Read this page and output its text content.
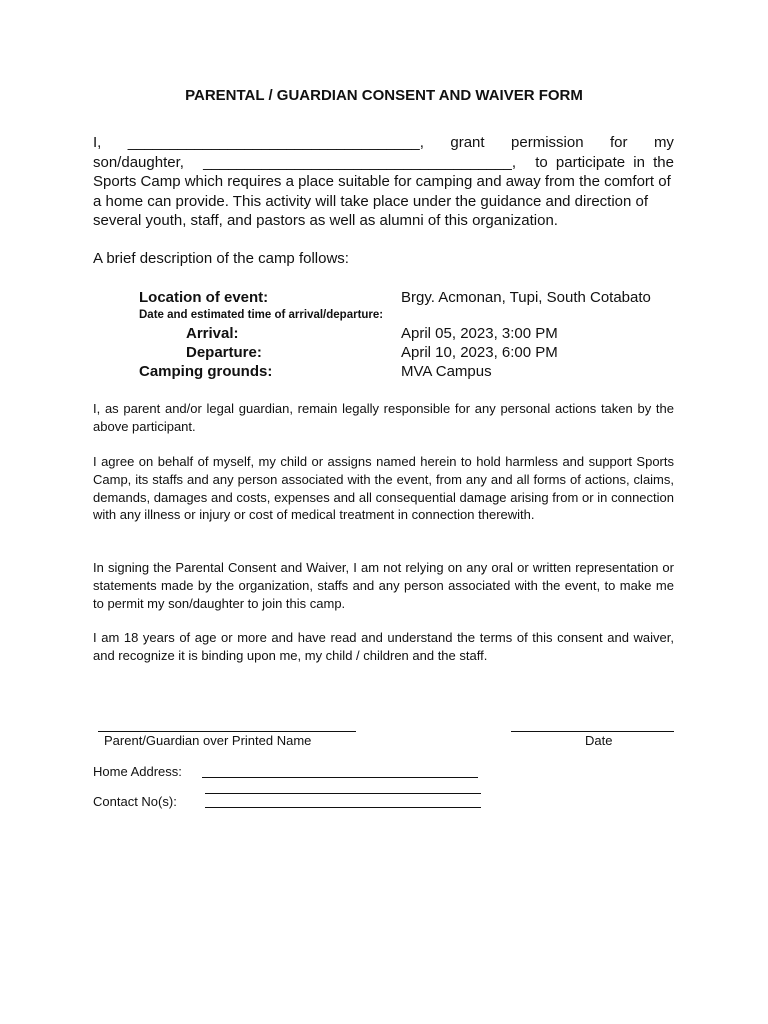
PARENTAL / GUARDIAN CONSENT AND WAIVER FORM
I, ___________________________________, grant permission for my
son/daughter, _____________________________________, to participate in the
Sports Camp which requires a place suitable for camping and away from the comfort of a home can provide. This activity will take place under the guidance and direction of several youth, staff, and pastors as well as alumni of this organization.
A brief description of the camp follows:
Location of event:	Brgy. Acmonan, Tupi, South Cotabato
Date and estimated time of arrival/departure:
Arrival:	April 05, 2023, 3:00 PM
Departure:	April 10, 2023, 6:00 PM
Camping grounds:	MVA Campus
I, as parent and/or legal guardian, remain legally responsible for any personal actions taken by the above participant.
I agree on behalf of myself, my child or assigns named herein to hold harmless and support Sports Camp, its staffs and any person associated with the event, from any and all forms of actions, claims, demands, damages and costs, expenses and all consequential damage arising from or in connection with any illness or injury or cost of medical treatment in connection therewith.
In signing the Parental Consent and Waiver, I am not relying on any oral or written representation or statements made by the organization, staffs and any person associated with the event, to make me to permit my son/daughter to join this camp.
I am 18 years of age or more and have read and understand the terms of this consent and waiver, and recognize it is binding upon me, my child / children and the staff.
Parent/Guardian over Printed Name	Date
Home Address:
Contact No(s):
